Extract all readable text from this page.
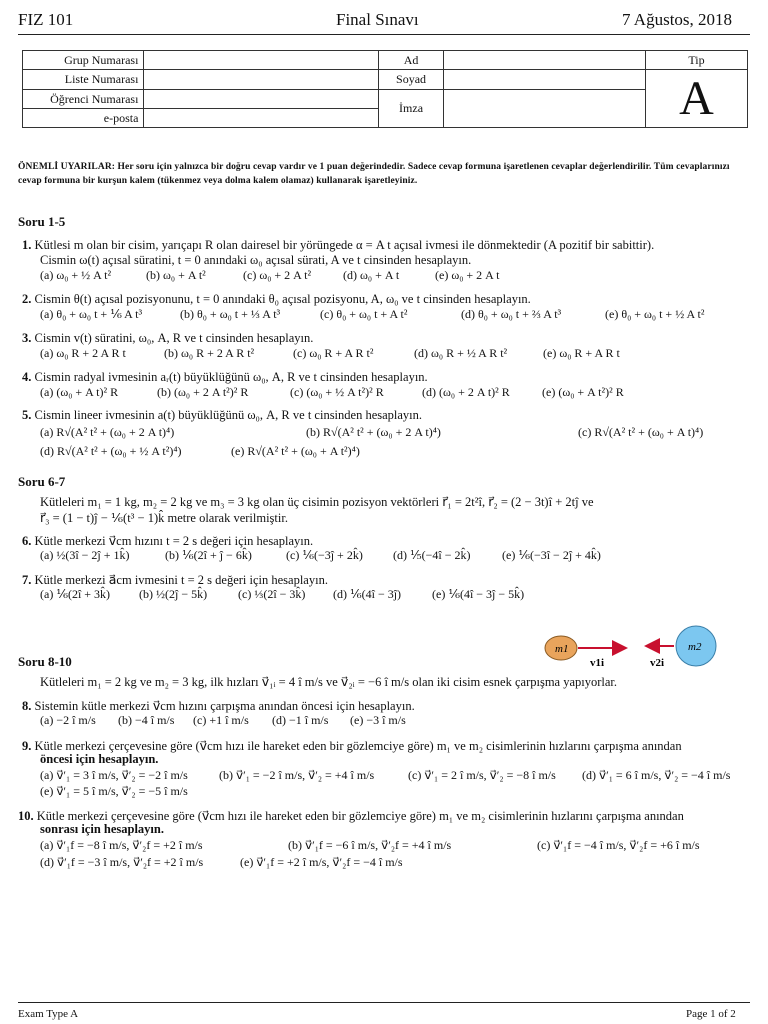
FIZ 101	Final Sınavı	7 Ağustos, 2018
Grup Numarası		Ad		Tip
Liste Numarası		Soyad		A
Öğrenci Numarası		İmza		
e-posta				
ÖNEMLİ UYARILAR: Her soru için yalnızca bir doğru cevap vardır ve 1 puan değerindedir. Sadece cevap formuna işaretlenen cevaplar değerlendirilir. Tüm cevaplarınızı cevap formuna bir kurşun kalem (tükenmez veya dolma kalem olamaz) kullanarak işaretleyiniz.
Soru 1-5
1. Kütlesi m olan bir cisim, yarıçapı R olan dairesel bir yörüngede α = A t açısal ivmesi ile dönmektedir (A pozitif bir sabittir).
Cismin ω(t) açısal süratini, t = 0 anındaki ω₀ açısal sürati, A ve t cinsinden hesaplayın.
(a) ω₀ + ½ A t²	(b) ω₀ + A t²	(c) ω₀ + 2 A t²	(d) ω₀ + A t	(e) ω₀ + 2 A t
2. Cismin θ(t) açısal pozisyonunu, t = 0 anındaki θ₀ açısal pozisyonu, A, ω₀ ve t cinsinden hesaplayın.
(a) θ₀ + ω₀ t + ⅙ A t³	(b) θ₀ + ω₀ t + ⅓ A t³	(c) θ₀ + ω₀ t + A t²	(d) θ₀ + ω₀ t + ⅔ A t³	(e) θ₀ + ω₀ t + ½ A t²
3. Cismin v(t) süratini, ω₀, A, R ve t cinsinden hesaplayın.
(a) ω₀ R + 2 A R t	(b) ω₀ R + 2 A R t²	(c) ω₀ R + A R t²	(d) ω₀ R + ½ A R t²	(e) ω₀ R + A R t
4. Cismin radyal ivmesinin aᵣ(t) büyüklüğünü ω₀, A, R ve t cinsinden hesaplayın.
(a) (ω₀ + A t)² R	(b) (ω₀ + 2 A t²)² R	(c) (ω₀ + ½ A t²)² R	(d) (ω₀ + 2 A t)² R	(e) (ω₀ + A t²)² R
5. Cismin lineer ivmesinin a(t) büyüklüğünü ω₀, A, R ve t cinsinden hesaplayın.
(a) R√(A² t² + (ω₀ + 2 A t)⁴)	(b) R√(A² t² + (ω₀ + 2 A t)⁴)	(c) R√(A² t² + (ω₀ + A t)⁴)
(d) R√(A² t² + (ω₀ + ½ A t²)⁴)	(e) R√(A² t² + (ω₀ + A t²)⁴)
Soru 6-7
Kütleleri m₁ = 1 kg, m₂ = 2 kg ve m₃ = 3 kg olan üç cisimin pozisyon vektörleri r⃗₁ = 2t²î, r⃗₂ = (2 − 3t)î + 2tĵ ve
r⃗₃ = (1 − t)ĵ − ⅙(t³ − 1)k̂ metre olarak verilmiştir.
6. Kütle merkezi v⃗cm hızını t = 2 s değeri için hesaplayın.
(a) ½(3î − 2ĵ + 1k̂)	(b) ⅙(2î + ĵ − 6k̂)	(c) ⅙(−3ĵ + 2k̂)	(d) ⅕(−4î − 2k̂)	(e) ⅙(−3î − 2ĵ + 4k̂)
7. Kütle merkezi a⃗cm ivmesini t = 2 s değeri için hesaplayın.
(a) ⅙(2î + 3k̂) (b) ½(2ĵ − 5k̂)	(c) ⅓(2î − 3k̂) (d) ⅙(4î − 3ĵ)	(e) ⅙(4î − 3ĵ − 5k̂)
m1
v1i
m2
v2i
Soru 8-10
Kütleleri m₁ = 2 kg ve m₂ = 3 kg, ilk hızları v⃗₁ᵢ = 4 î m/s ve v⃗₂ᵢ = −6 î m/s olan iki cisim esnek çarpışma yapıyorlar.
8. Sistemin kütle merkezi v⃗cm hızını çarpışma anından öncesi için hesaplayın.
(a) −2 î m/s (b) −4 î m/s (c) +1 î m/s (d) −1 î m/s (e) −3 î m/s
9. Kütle merkezi çerçevesine göre (v⃗cm hızı ile hareket eden bir gözlemciye göre) m₁ ve m₂ cisimlerinin hızlarını çarpışma anından
öncesi için hesaplayın.
(a) v⃗′₁ = 3 î m/s, v⃗′₂ = −2 î m/s	(b) v⃗′₁ = −2 î m/s, v⃗′₂ = +4 î m/s	(c) v⃗′₁ = 2 î m/s, v⃗′₂ = −8 î m/s (d) v⃗′₁ = 6 î m/s, v⃗′₂ = −4 î m/s
(e) v⃗′₁ = 5 î m/s, v⃗′₂ = −5 î m/s
10. Kütle merkezi çerçevesine göre (v⃗cm hızı ile hareket eden bir gözlemciye göre) m₁ ve m₂ cisimlerinin hızlarını çarpışma anından
sonrası için hesaplayın.
(a) v⃗′₁f = −8 î m/s, v⃗′₂f = +2 î m/s	(b) v⃗′₁f = −6 î m/s, v⃗′₂f = +4 î m/s	(c) v⃗′₁f = −4 î m/s, v⃗′₂f = +6 î m/s
(d) v⃗′₁f = −3 î m/s, v⃗′₂f = +2 î m/s	(e) v⃗′₁f = +2 î m/s, v⃗′₂f = −4 î m/s
Exam Type A	Page 1 of 2
